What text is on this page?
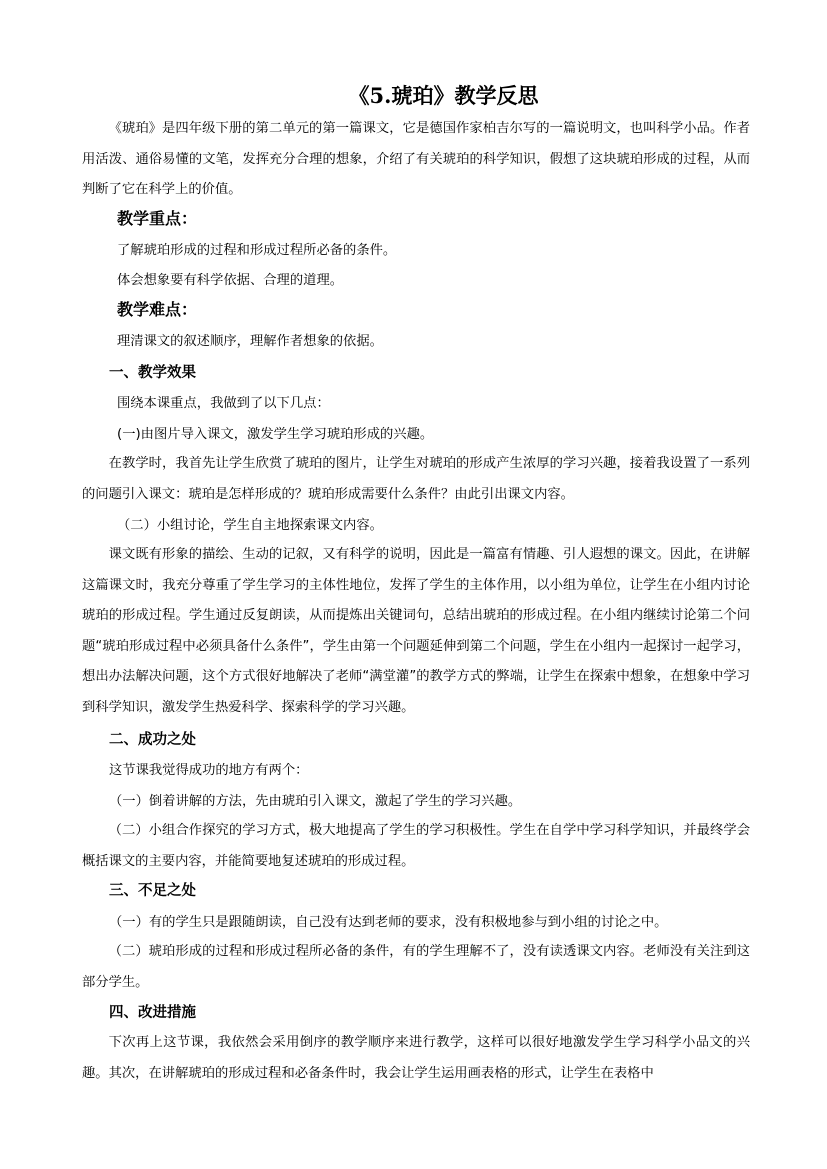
《5.琥珀》教学反思

《琥珀》是四年级下册的第二单元的第一篇课文，它是德国作家柏吉尔写的一篇说明文，也叫科学小品。作者用活泼、通俗易懂的文笔，发挥充分合理的想象，介绍了有关琥珀的科学知识，假想了这块琥珀形成的过程，从而判断了它在科学上的价值。

教学重点：
了解琥珀形成的过程和形成过程所必备的条件。
体会想象要有科学依据、合理的道理。
教学难点：
理清课文的叙述顺序，理解作者想象的依据。
一、教学效果
围绕本课重点，我做到了以下几点：
(一)由图片导入课文，激发学生学习琥珀形成的兴趣。

在教学时，我首先让学生欣赏了琥珀的图片，让学生对琥珀的形成产生浓厚的学习兴趣，接着我设置了一系列的问题引入课文：琥珀是怎样形成的？琥珀形成需要什么条件？由此引出课文内容。

（二）小组讨论，学生自主地探索课文内容。

课文既有形象的描绘、生动的记叙，又有科学的说明，因此是一篇富有情趣、引人遐想的课文。因此，在讲解这篇课文时，我充分尊重了学生学习的主体性地位，发挥了学生的主体作用，以小组为单位，让学生在小组内讨论琥珀的形成过程。学生通过反复朗读，从而提炼出关键词句，总结出琥珀的形成过程。在小组内继续讨论第二个问题“琥珀形成过程中必须具备什么条件”，学生由第一个问题延伸到第二个问题，学生在小组内一起探讨一起学习，想出办法解决问题，这个方式很好地解决了老师“满堂灌”的教学方式的弊端，让学生在探索中想象，在想象中学习到科学知识，激发学生热爱科学、探索科学的学习兴趣。

二、成功之处
这节课我觉得成功的地方有两个：
（一）倒着讲解的方法，先由琥珀引入课文，激起了学生的学习兴趣。

（二）小组合作探究的学习方式，极大地提高了学生的学习积极性。学生在自学中学习科学知识，并最终学会概括课文的主要内容，并能简要地复述琥珀的形成过程。

三、不足之处
（一）有的学生只是跟随朗读，自己没有达到老师的要求，没有积极地参与到小组的讨论之中。

（二）琥珀形成的过程和形成过程所必备的条件，有的学生理解不了，没有读透课文内容。老师没有关注到这部分学生。

四、改进措施

下次再上这节课，我依然会采用倒序的教学顺序来进行教学，这样可以很好地激发学生学习科学小品文的兴趣。其次，在讲解琥珀的形成过程和必备条件时，我会让学生运用画表格的形式，让学生在表格中
